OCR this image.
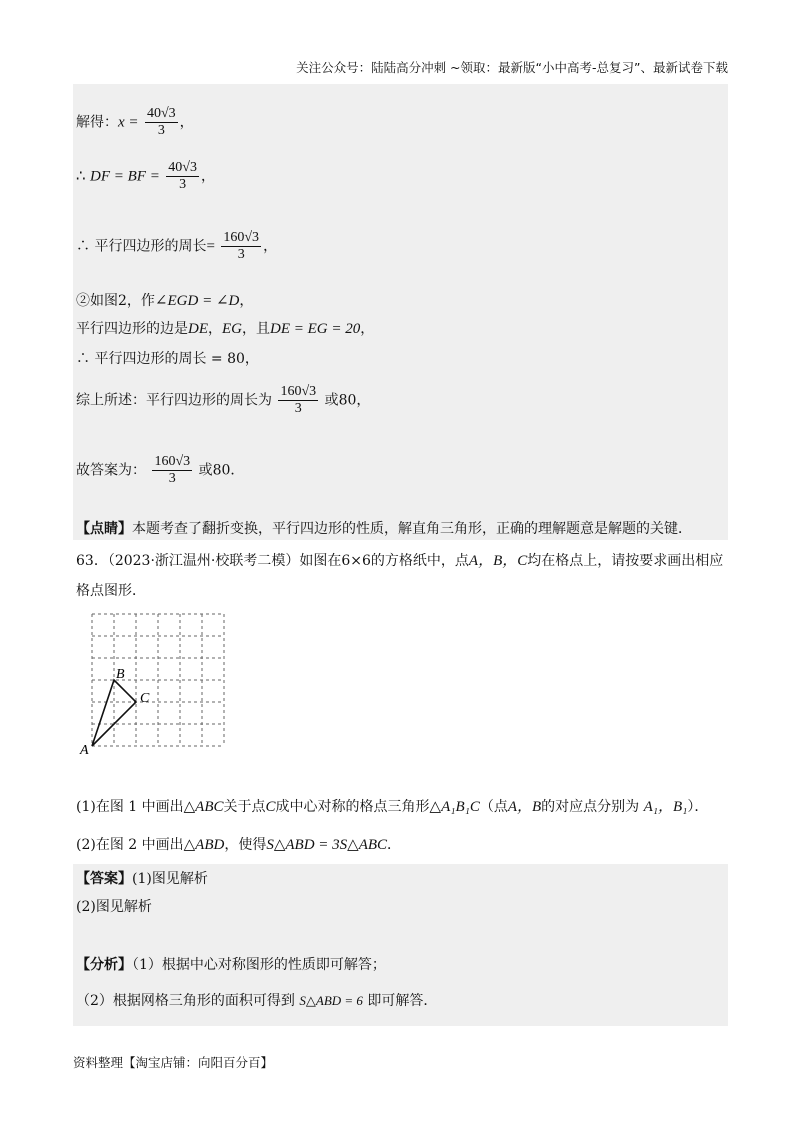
关注公众号：陆陆高分冲刺 ~领取：最新版“小中高考-总复习”、最新试卷下载
解得：$x = \frac{40√3}{3}$ ，
∴ DF = BF = $\frac{40√3}{3}$ ，
∴ 平行四边形的周长= $\frac{160√3}{3}$ ，
②如图2，作∠EGD = ∠D，
平行四边形的边是DE，EG，且DE = EG = 20，
∴ 平行四边形的周长 = 80，
综上所述：平行四边形的周长为 $\frac{160√3}{3}$ 或80，
故答案为： $\frac{160√3}{3}$ 或80．
【点睛】本题考查了翻折变换，平行四边形的性质，解直角三角形，正确的理解题意是解题的关键．
63．（2023·浙江温州·校联考二模）如图在6×6的方格纸中，点A，B，C均在格点上，请按要求画出相应
格点图形．
A
B
C
(1)在图 1 中画出△ABC关于点C成中心对称的格点三角形△A₁B₁C（点A，B的对应点分别为 A₁，B₁）．
(2)在图 2 中画出△ABD，使得S△ABD = 3S△ABC．
【答案】(1)图见解析
(2)图见解析
【分析】（1）根据中心对称图形的性质即可解答；
（2）根据网格三角形的面积可得到 S△ABD = 6 即可解答．
资料整理【淘宝店铺：向阳百分百】
